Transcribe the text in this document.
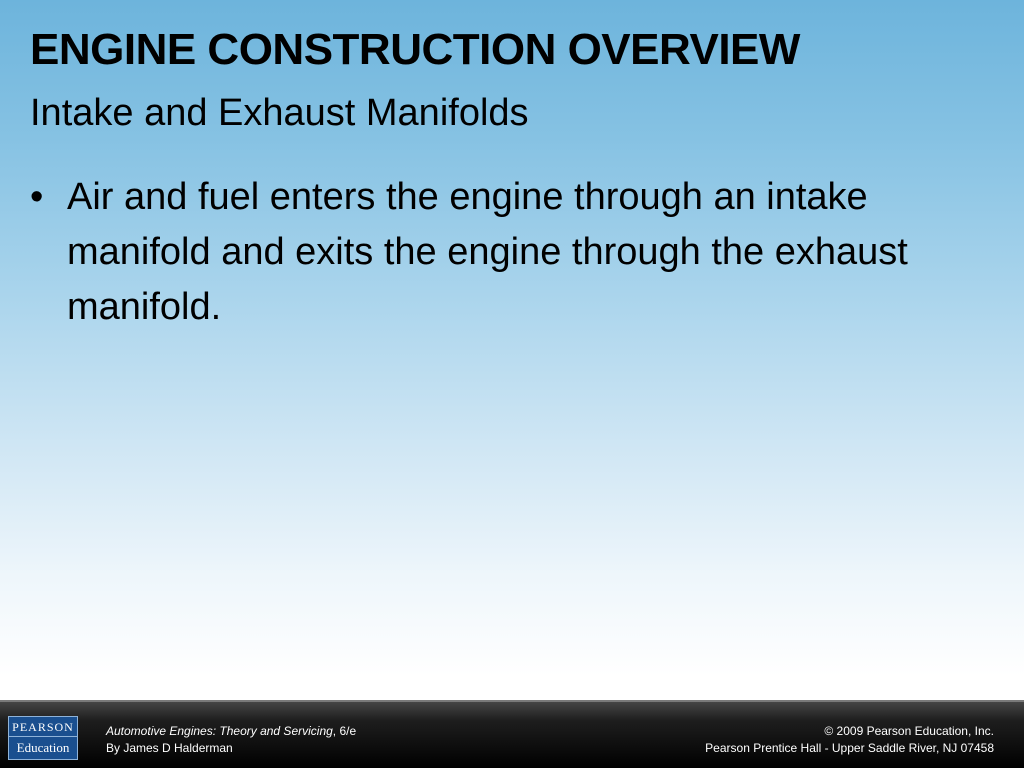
ENGINE CONSTRUCTION OVERVIEW
Intake and Exhaust Manifolds
• Air and fuel enters the engine through an intake manifold and exits the engine through the exhaust manifold.
PEARSON
Education
Automotive Engines: Theory and Servicing, 6/e
By James D Halderman
© 2009 Pearson Education, Inc.
Pearson Prentice Hall - Upper Saddle River, NJ 07458
